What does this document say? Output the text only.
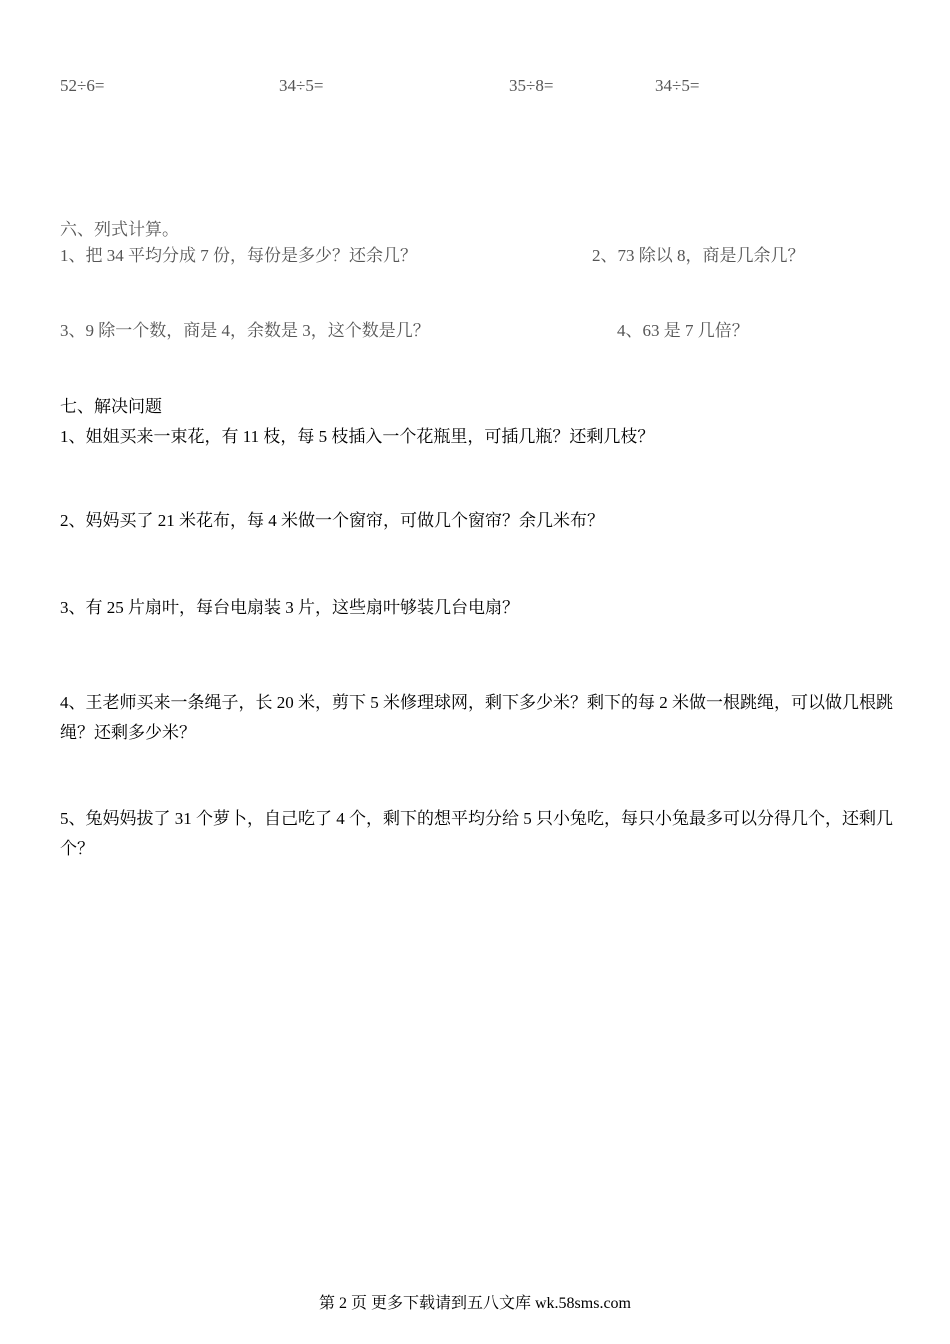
52÷6=	34÷5=	35÷8=	34÷5=
六、列式计算。
1、把 34 平均分成 7 份，每份是多少？还余几？	2、73 除以 8，商是几余几？
3、9 除一个数，商是 4，余数是 3，这个数是几？	4、63 是 7 几倍？
七、解决问题
1、姐姐买来一束花，有 11 枝，每 5 枝插入一个花瓶里，可插几瓶？还剩几枝？
2、妈妈买了 21 米花布，每 4 米做一个窗帘，可做几个窗帘？余几米布？
3、有 25 片扇叶，每台电扇装 3 片，这些扇叶够装几台电扇？
4、王老师买来一条绳子，长 20 米，剪下 5 米修理球网，剩下多少米？剩下的每 2 米做一根跳绳，可以做几根跳绳？还剩多少米？
5、兔妈妈拔了 31 个萝卜，自己吃了 4 个，剩下的想平均分给 5 只小兔吃，每只小兔最多可以分得几个，还剩几个？
第 2 页 更多下载请到五八文库 wk.58sms.com
